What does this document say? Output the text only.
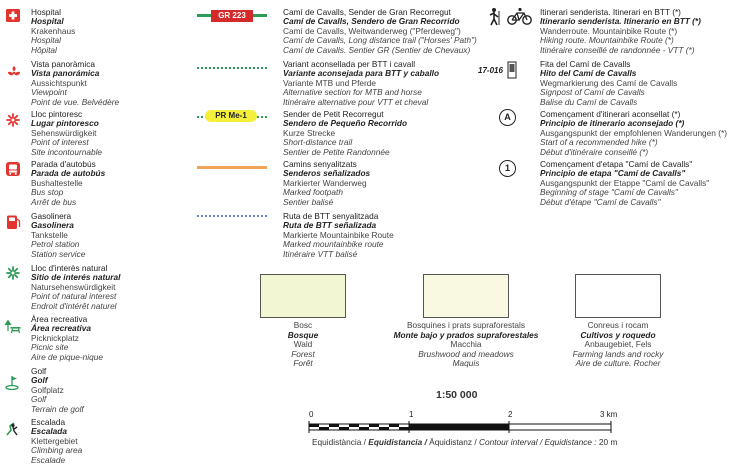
Hospital
Hospital
Krakenhaus
Hospital
Hôpital
Vista panoràmica
Vista panorámica
Aussichtspunkt
Viewpoint
Point de vue. Belvédère
Lloc pintoresc
Lugar pintoresco
Sehenswürdigkeit
Point of interest
Site incontournable
Parada d'autobús
Parada de autobús
Bushaltestelle
Bus stop
Arrêt de bus
Gasolinera
Gasolinera
Tankstelle
Petrol station
Station service
Lloc d'interès natural
Sitio de interés natural
Natursehenswürdigkeit
Point of natural interest
Endroit d'intérêt naturel
Àrea recreativa
Área recreativa
Picknickplatz
Picnic site
Aire de pique-nique
Golf
Golf
Golfplatz
Golf
Terrain de golf
Escalada
Escalada
Klettergebiet
Climbing area
Escalade
GR 223
PR Me-1
Camí de Cavalls, Sender de Gran Recorregut
Camí de Cavalls, Sendero de Gran Recorrido
Camí de Cavalls, Weitwanderweg ("Pferdeweg")
Camí de Cavalls, Long distance trail ("Horses' Path")
Camí de Cavalls. Sentier GR (Sentier de Chevaux)
Variant aconsellada per BTT i cavall
Variante aconsejada para BTT y caballo
Variante MTB und Pferde
Alternative section for MTB and horse
Itinéraire alternative pour VTT et cheval
Sender de Petit Recorregut
Sendero de Pequeño Recorrido
Kurze Strecke
Short-distance trail
Sentier de Petite Randonnée
Camins senyalitzats
Senderos señalizados
Markierter Wanderweg
Marked footpath
Sentier balisé
Ruta de BTT senyalitzada
Ruta de BTT señalizada
Markierte Mountainbike Route
Marked mountainbike route
Itinéraire VTT balisé
17-016
A
1
Itinerari senderista. Itinerari en BTT (*)
Itinerario senderista. Itinerario en BTT (*)
Wanderroute. Mountainbike Route (*)
Hiking route. Mountainbike Route (*)
Itinéraire conseillé de randonnée - VTT (*)
Fita del Camí de Cavalls
Hito del Camí de Cavalls
Wegmarkierung des Camí de Cavalls
Signpost of Camí de Cavalls
Balise du Camí de Cavalls
Començament d'itinerari aconsellat (*)
Principio de itinerario aconsejado (*)
Ausgangspunkt der empfohlenen Wanderungen (*)
Start of a recommended hike (*)
Début d'itinéraire conseillé (*)
Començament d'etapa "Camí de Cavalls"
Principio de etapa "Camí de Cavalls"
Ausgangspunkt der Etappe "Camí de Cavalls"
Beginning of stage "Camí de Cavalls"
Début d'étape "Camí de Cavalls"
Bosc
Bosque
Wald
Forest
Forêt
Bosquines i prats supraforestals
Monte bajo y prados supraforestales
Macchia
Brushwood and meadows
Maquis
Conreus i rocam
Cultivos y roquedo
Anbaugebiet, Fels
Farming lands and rocky
Aire de culture. Rocher
1:50 000
0	1	2	3 km
Equidistància / Equidistancia / Äquidistanz / Contour interval / Equidistance : 20 m
